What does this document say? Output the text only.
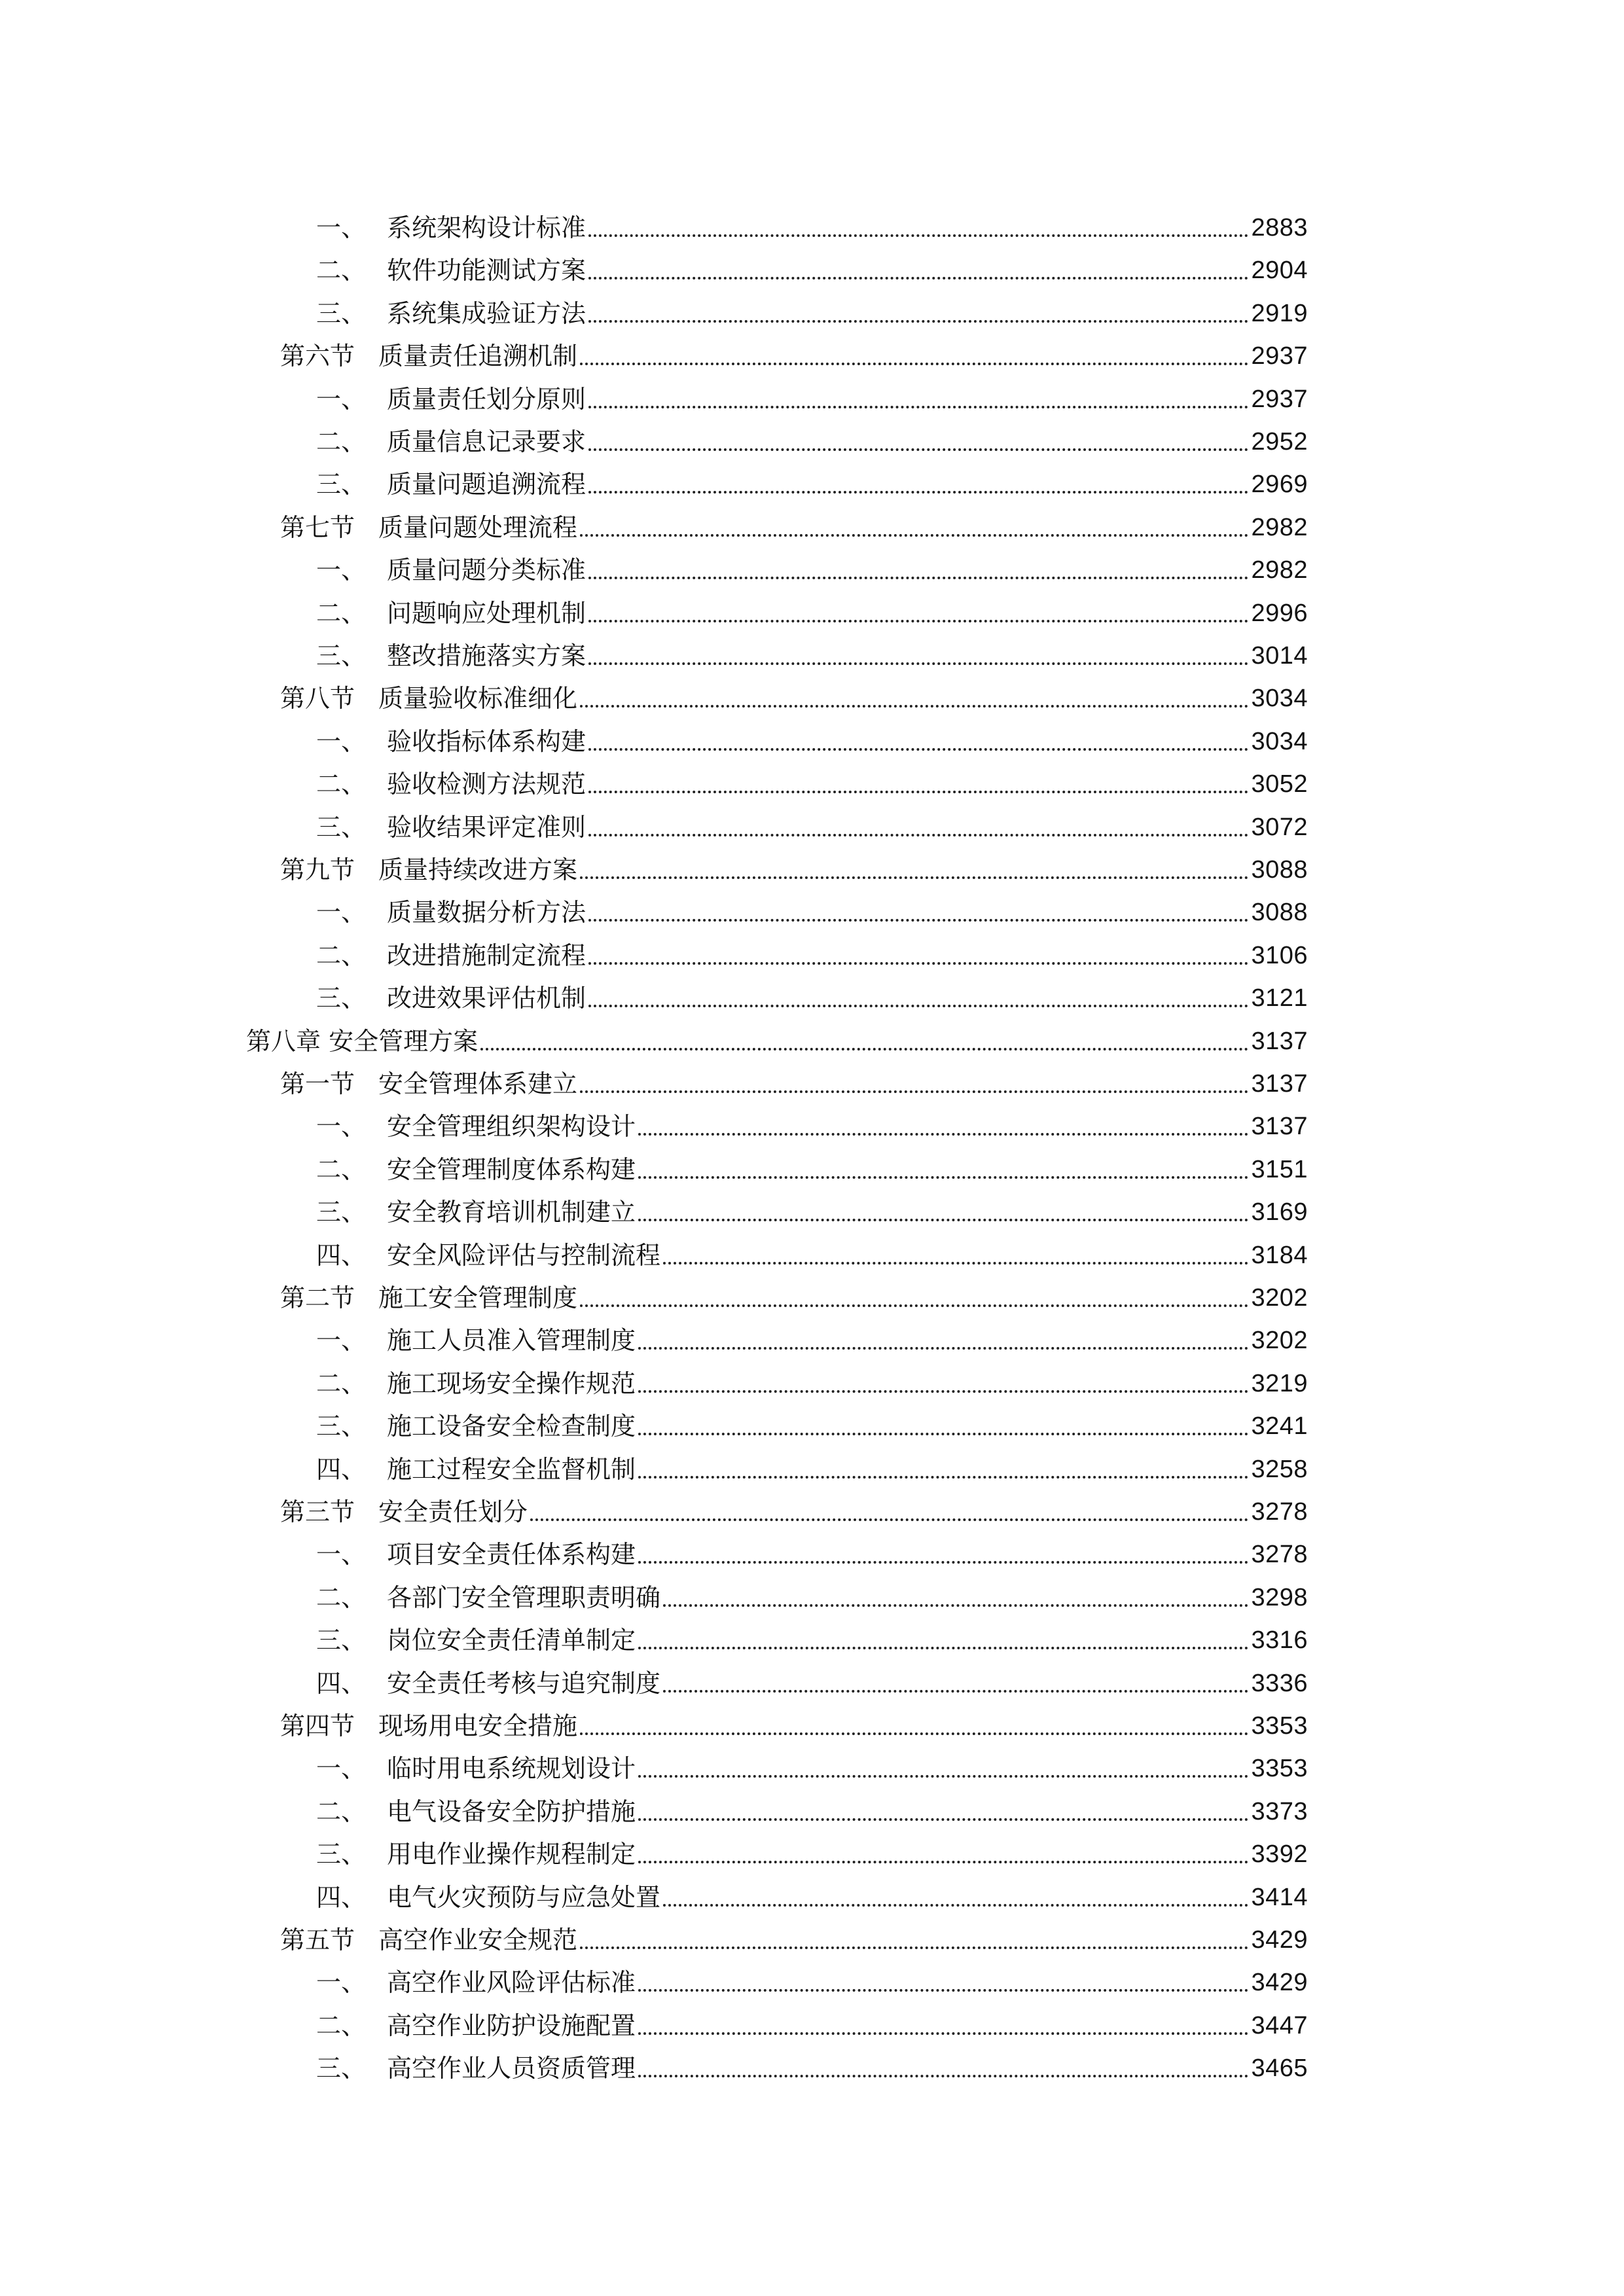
一、 系统架构设计标准	2883
二、 软件功能测试方案	2904
三、 系统集成验证方法	2919
第六节 质量责任追溯机制	2937
一、 质量责任划分原则	2937
二、 质量信息记录要求	2952
三、 质量问题追溯流程	2969
第七节 质量问题处理流程	2982
一、 质量问题分类标准	2982
二、 问题响应处理机制	2996
三、 整改措施落实方案	3014
第八节 质量验收标准细化	3034
一、 验收指标体系构建	3034
二、 验收检测方法规范	3052
三、 验收结果评定准则	3072
第九节 质量持续改进方案	3088
一、 质量数据分析方法	3088
二、 改进措施制定流程	3106
三、 改进效果评估机制	3121
第八章 安全管理方案	3137
第一节 安全管理体系建立	3137
一、 安全管理组织架构设计	3137
二、 安全管理制度体系构建	3151
三、 安全教育培训机制建立	3169
四、 安全风险评估与控制流程	3184
第二节 施工安全管理制度	3202
一、 施工人员准入管理制度	3202
二、 施工现场安全操作规范	3219
三、 施工设备安全检查制度	3241
四、 施工过程安全监督机制	3258
第三节 安全责任划分	3278
一、 项目安全责任体系构建	3278
二、 各部门安全管理职责明确	3298
三、 岗位安全责任清单制定	3316
四、 安全责任考核与追究制度	3336
第四节 现场用电安全措施	3353
一、 临时用电系统规划设计	3353
二、 电气设备安全防护措施	3373
三、 用电作业操作规程制定	3392
四、 电气火灾预防与应急处置	3414
第五节 高空作业安全规范	3429
一、 高空作业风险评估标准	3429
二、 高空作业防护设施配置	3447
三、 高空作业人员资质管理	3465
